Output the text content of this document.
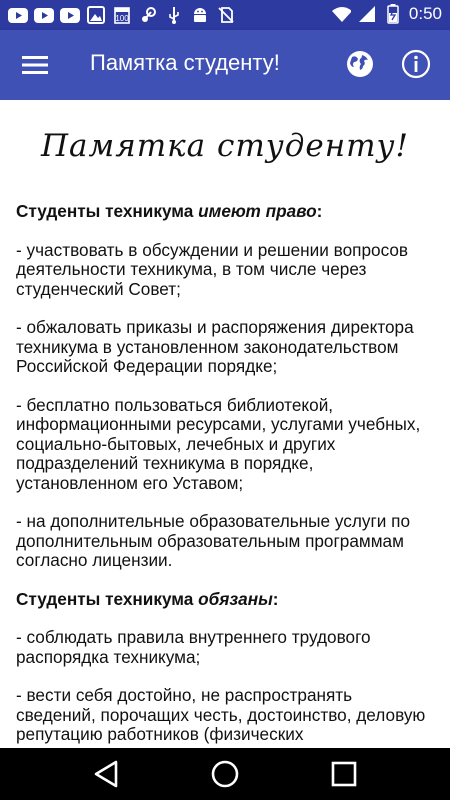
100	0:50
Памятка студенту!
Памятка студенту!

Студенты техникума имеют право:

- участвовать в обсуждении и решении вопросов деятельности техникума, в том числе через студенческий Совет;

- обжаловать приказы и распоряжения директора техникума в установленном законодательством Российской Федерации порядке;

- бесплатно пользоваться библиотекой, информационными ресурсами, услугами учебных, социально-бытовых, лечебных и других подразделений техникума в порядке, установленном его Уставом;

- на дополнительные образовательные услуги по дополнительным образовательным программам согласно лицензии.

Студенты техникума обязаны:

- соблюдать правила внутреннего трудового распорядка техникума;

- вести себя достойно, не распространять сведений, порочащих честь, достоинство, деловую репутацию работников (физических
